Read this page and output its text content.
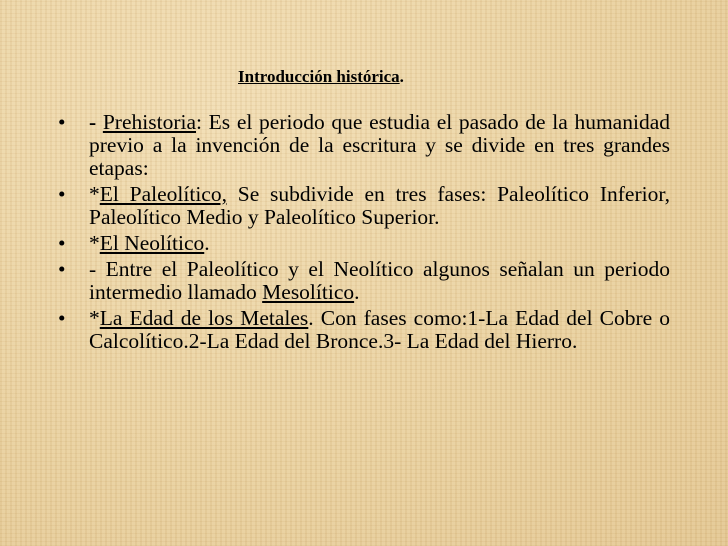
Introducción histórica.
• - Prehistoria: Es el periodo que estudia el pasado de la humanidad previo a la invención de la escritura y se divide en tres grandes etapas:
• *El Paleolítico, Se subdivide en tres fases: Paleolítico Inferior, Paleolítico Medio y Paleolítico Superior.
• *El Neolítico.
• - Entre el Paleolítico y el Neolítico algunos señalan un periodo intermedio llamado Mesolítico.
• *La Edad de los Metales. Con fases como:1-La Edad del Cobre o Calcolítico.2-La Edad del Bronce.3- La Edad del Hierro.
